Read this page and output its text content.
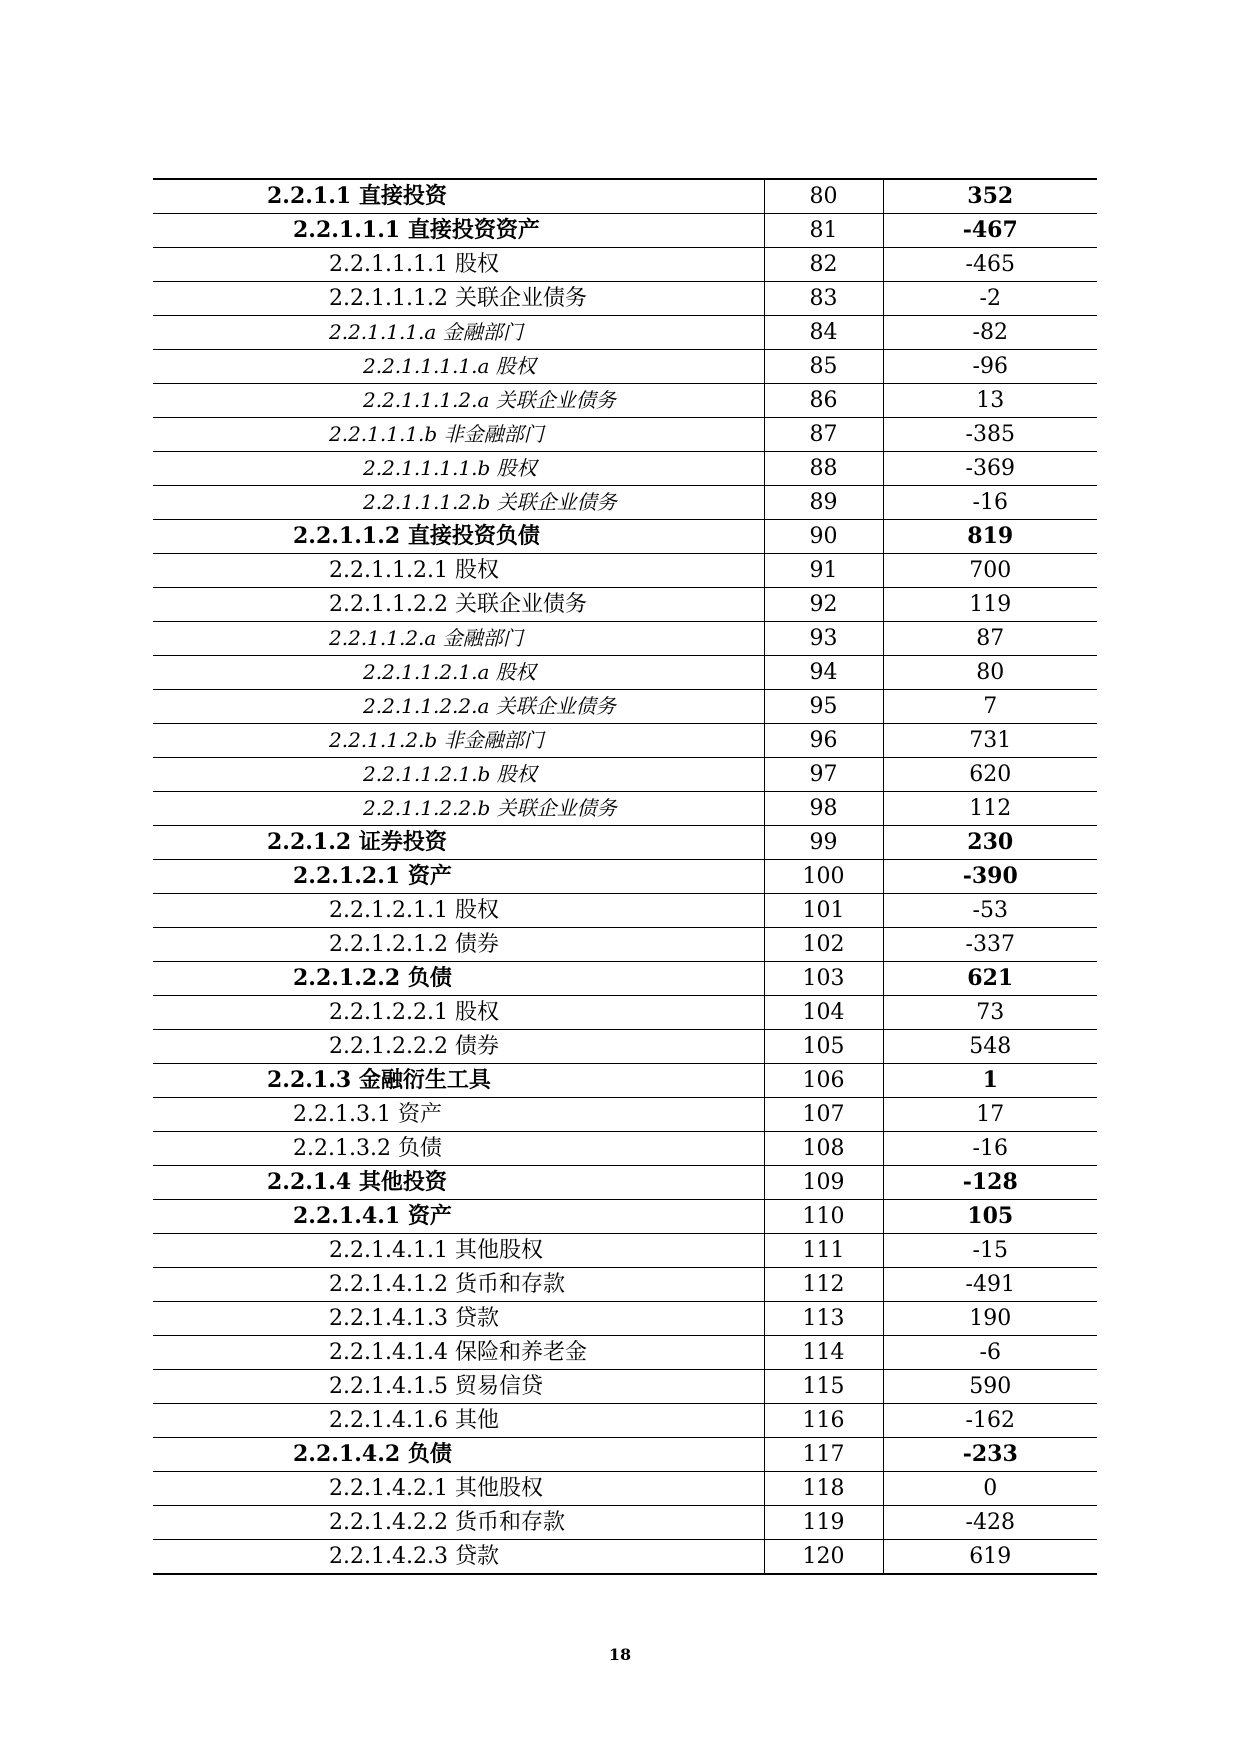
2.2.1.1 直接投资	80	352
2.2.1.1.1 直接投资资产	81	-467
2.2.1.1.1.1 股权	82	-465
2.2.1.1.1.2 关联企业债务	83	-2
2.2.1.1.1.a 金融部门	84	-82
2.2.1.1.1.1.a 股权	85	-96
2.2.1.1.1.2.a 关联企业债务	86	13
2.2.1.1.1.b 非金融部门	87	-385
2.2.1.1.1.1.b 股权	88	-369
2.2.1.1.1.2.b 关联企业债务	89	-16
2.2.1.1.2 直接投资负债	90	819
2.2.1.1.2.1 股权	91	700
2.2.1.1.2.2 关联企业债务	92	119
2.2.1.1.2.a 金融部门	93	87
2.2.1.1.2.1.a 股权	94	80
2.2.1.1.2.2.a 关联企业债务	95	7
2.2.1.1.2.b 非金融部门	96	731
2.2.1.1.2.1.b 股权	97	620
2.2.1.1.2.2.b 关联企业债务	98	112
2.2.1.2 证券投资	99	230
2.2.1.2.1 资产	100	-390
2.2.1.2.1.1 股权	101	-53
2.2.1.2.1.2 债券	102	-337
2.2.1.2.2 负债	103	621
2.2.1.2.2.1 股权	104	73
2.2.1.2.2.2 债券	105	548
2.2.1.3 金融衍生工具	106	1
2.2.1.3.1 资产	107	17
2.2.1.3.2 负债	108	-16
2.2.1.4 其他投资	109	-128
2.2.1.4.1 资产	110	105
2.2.1.4.1.1 其他股权	111	-15
2.2.1.4.1.2 货币和存款	112	-491
2.2.1.4.1.3 贷款	113	190
2.2.1.4.1.4 保险和养老金	114	-6
2.2.1.4.1.5 贸易信贷	115	590
2.2.1.4.1.6 其他	116	-162
2.2.1.4.2 负债	117	-233
2.2.1.4.2.1 其他股权	118	0
2.2.1.4.2.2 货币和存款	119	-428
2.2.1.4.2.3 贷款	120	619
18
